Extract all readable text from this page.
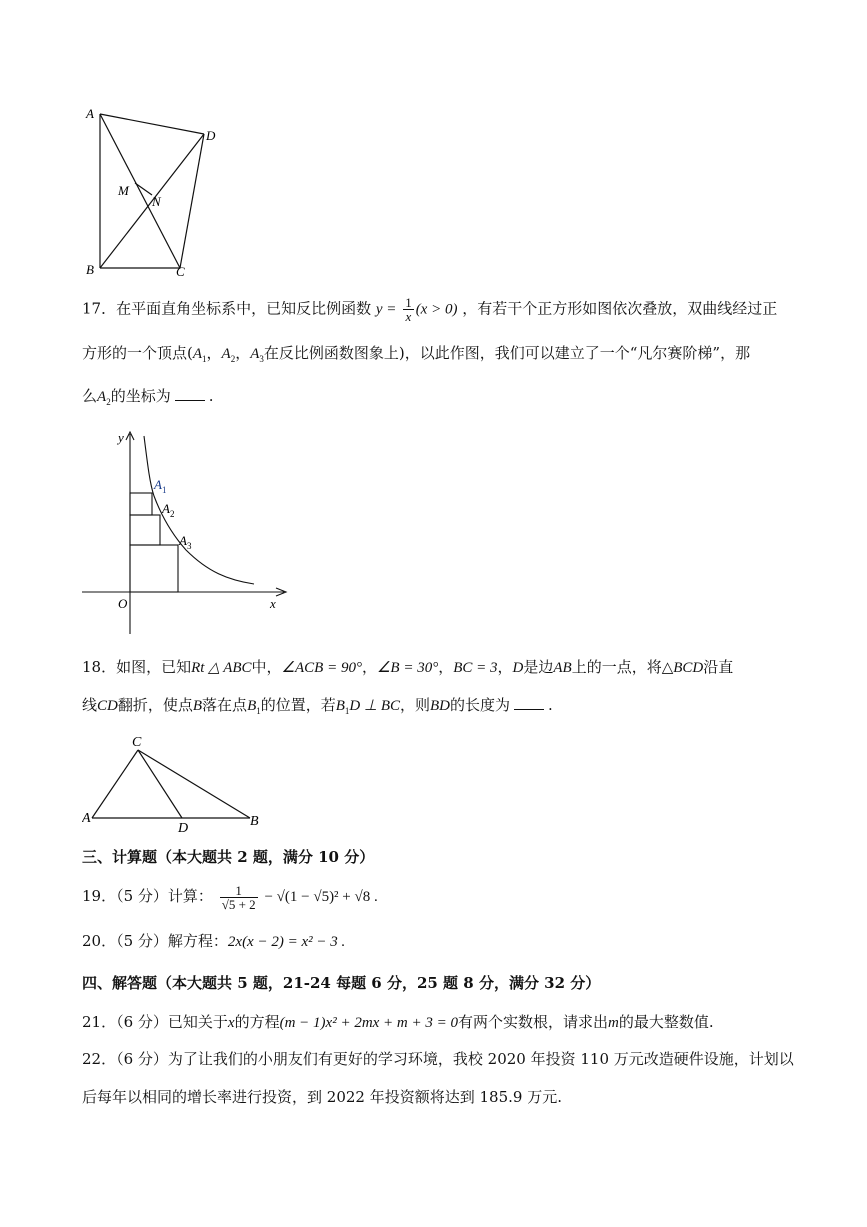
A
D
M
N
B	C
17．在平面直角坐标系中，已知反比例函数 $y = \frac{1}{x} (x > 0)$ ，有若干个正方形如图依次叠放，双曲线经过正
方形的一个顶点($A_1$，$A_2$，$A_3$在反比例函数图象上)，以此作图，我们可以建立了一个“凡尔赛阶梯”，那
么$A_2$的坐标为	.
y
x
O
$A_1$
$A_2$
$A_3$
18．如图，已知Rt △ ABC中，∠ACB = 90°，∠B = 30°，BC = 3，D是边AB上的一点，将△BCD沿直
线CD翻折，使点B落在点$B_1$的位置，若$B_1D$ ⊥ BC，则BD的长度为	.
C
A
D	B
三、计算题（本大题共 2 题，满分 10 分）
19．（5 分）计算： $\frac{1}{√5 + 2} - √(1 - √5)^2 + √8$ .
20．（5 分）解方程：2x(x − 2) = x² − 3 .
四、解答题（本大题共 5 题，21-24 每题 6 分，25 题 8 分，满分 32 分）
21．（6 分）已知关于x的方程(m − 1)x² + 2mx + m + 3 = 0有两个实数根，请求出m的最大整数值.
22．（6 分）为了让我们的小朋友们有更好的学习环境，我校 2020 年投资 110 万元改造硬件设施，计划以
后每年以相同的增长率进行投资，到 2022 年投资额将达到 185.9 万元.
